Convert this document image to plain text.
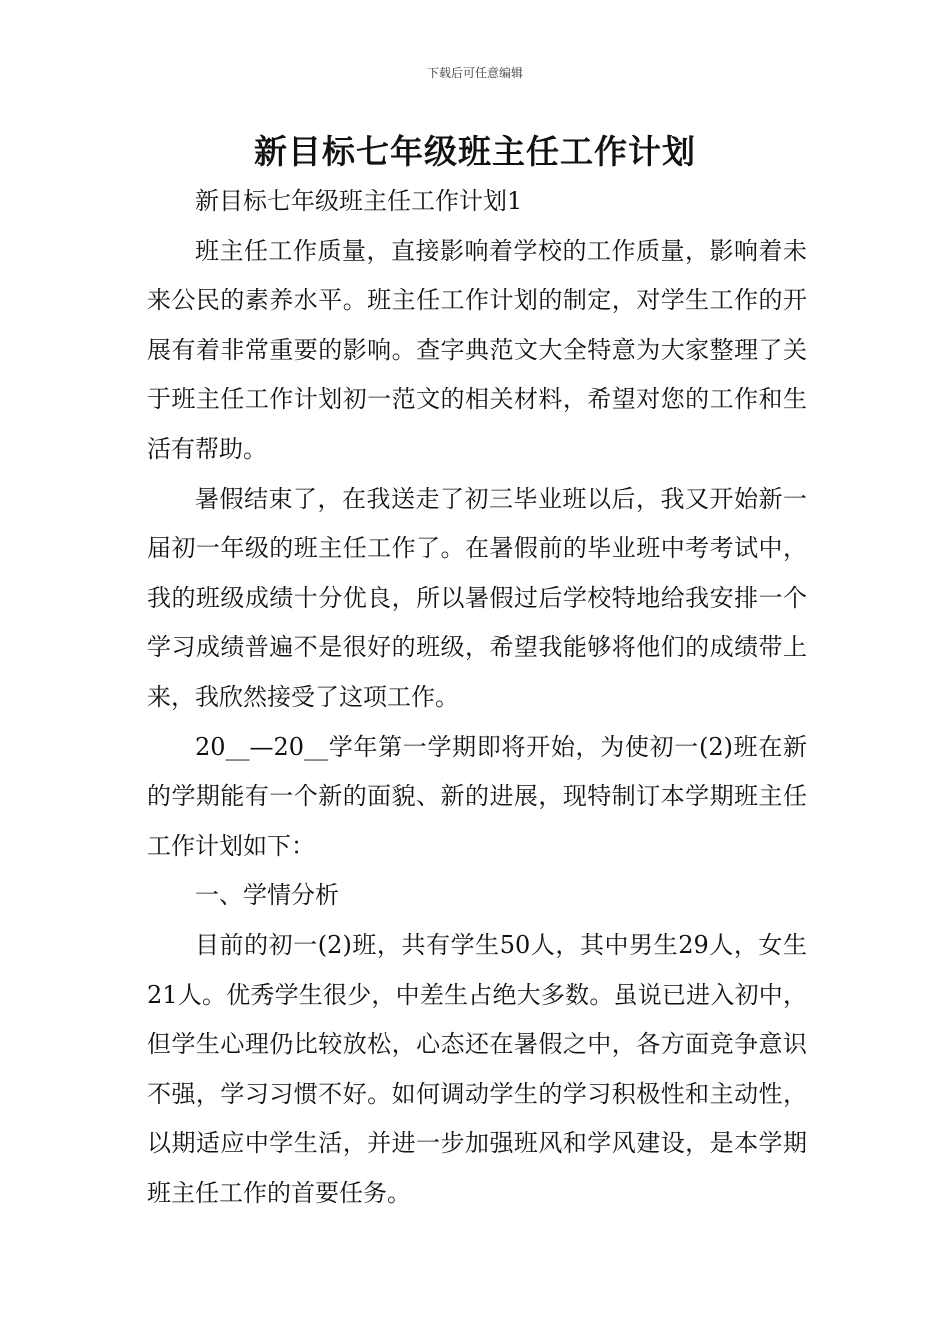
下载后可任意编辑
新目标七年级班主任工作计划

新目标七年级班主任工作计划1

班主任工作质量，直接影响着学校的工作质量，影响着未来公民的素养水平。班主任工作计划的制定，对学生工作的开展有着非常重要的影响。查字典范文大全特意为大家整理了关于班主任工作计划初一范文的相关材料，希望对您的工作和生活有帮助。

暑假结束了，在我送走了初三毕业班以后，我又开始新一届初一年级的班主任工作了。在暑假前的毕业班中考考试中，我的班级成绩十分优良，所以暑假过后学校特地给我安排一个学习成绩普遍不是很好的班级，希望我能够将他们的成绩带上来，我欣然接受了这项工作。

20__—20__学年第一学期即将开始，为使初一(2)班在新的学期能有一个新的面貌、新的进展，现特制订本学期班主任工作计划如下：

一、学情分析

目前的初一(2)班，共有学生50人，其中男生29人，女生21人。优秀学生很少，中差生占绝大多数。虽说已进入初中，但学生心理仍比较放松，心态还在暑假之中，各方面竞争意识不强，学习习惯不好。如何调动学生的学习积极性和主动性，以期适应中学生活，并进一步加强班风和学风建设，是本学期班主任工作的首要任务。
